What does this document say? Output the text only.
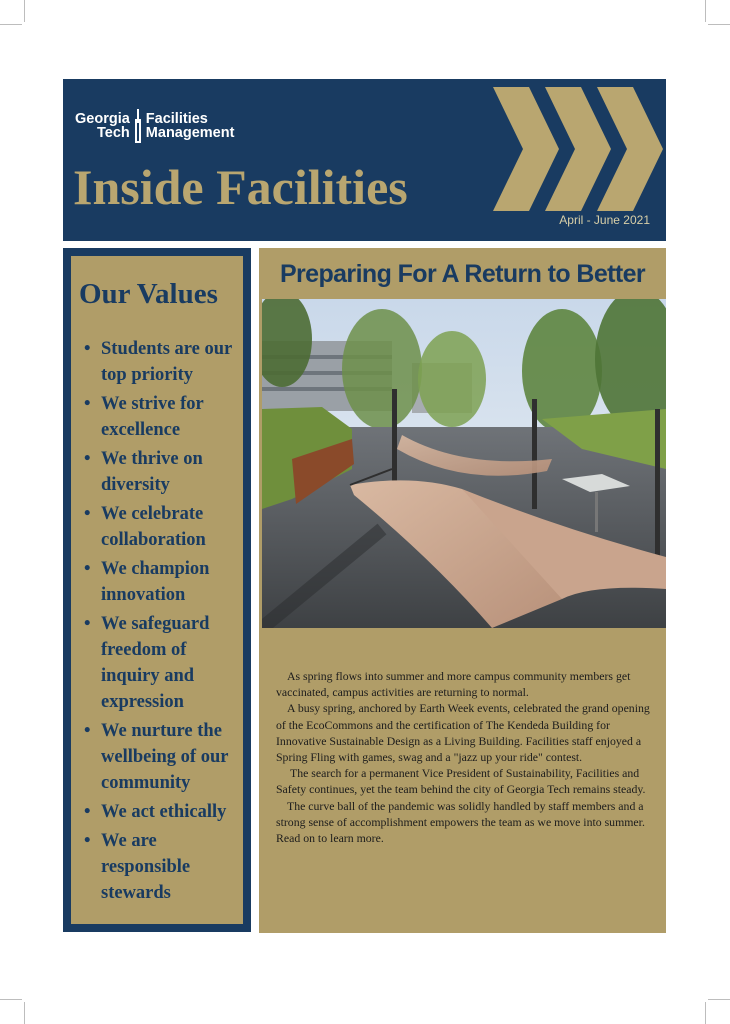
Georgia
Tech
Facilities
Management
Inside Facilities
April - June 2021
Our Values
• Students are our top priority
• We strive for excellence
• We thrive on diversity
• We celebrate collaboration
• We champion innovation
• We safeguard freedom of inquiry and expression
• We nurture the wellbeing of our community
• We act ethically
• We are responsible stewards
Preparing For A Return to Better

As spring flows into summer and more campus community members get vaccinated, campus activities are returning to normal.

A busy spring, anchored by Earth Week events, celebrated the grand opening of the EcoCommons and the certification of The Kendeda Building for Innovative Sustainable Design as a Living Building. Facilities staff enjoyed a Spring Fling with games, swag and a "jazz up your ride" contest.

The search for a permanent Vice President of Sustainability, Facilities and Safety continues, yet the team behind the city of Georgia Tech remains steady.

The curve ball of the pandemic was solidly handled by staff members and a strong sense of accomplishment empowers the team as we move into summer. Read on to learn more.
